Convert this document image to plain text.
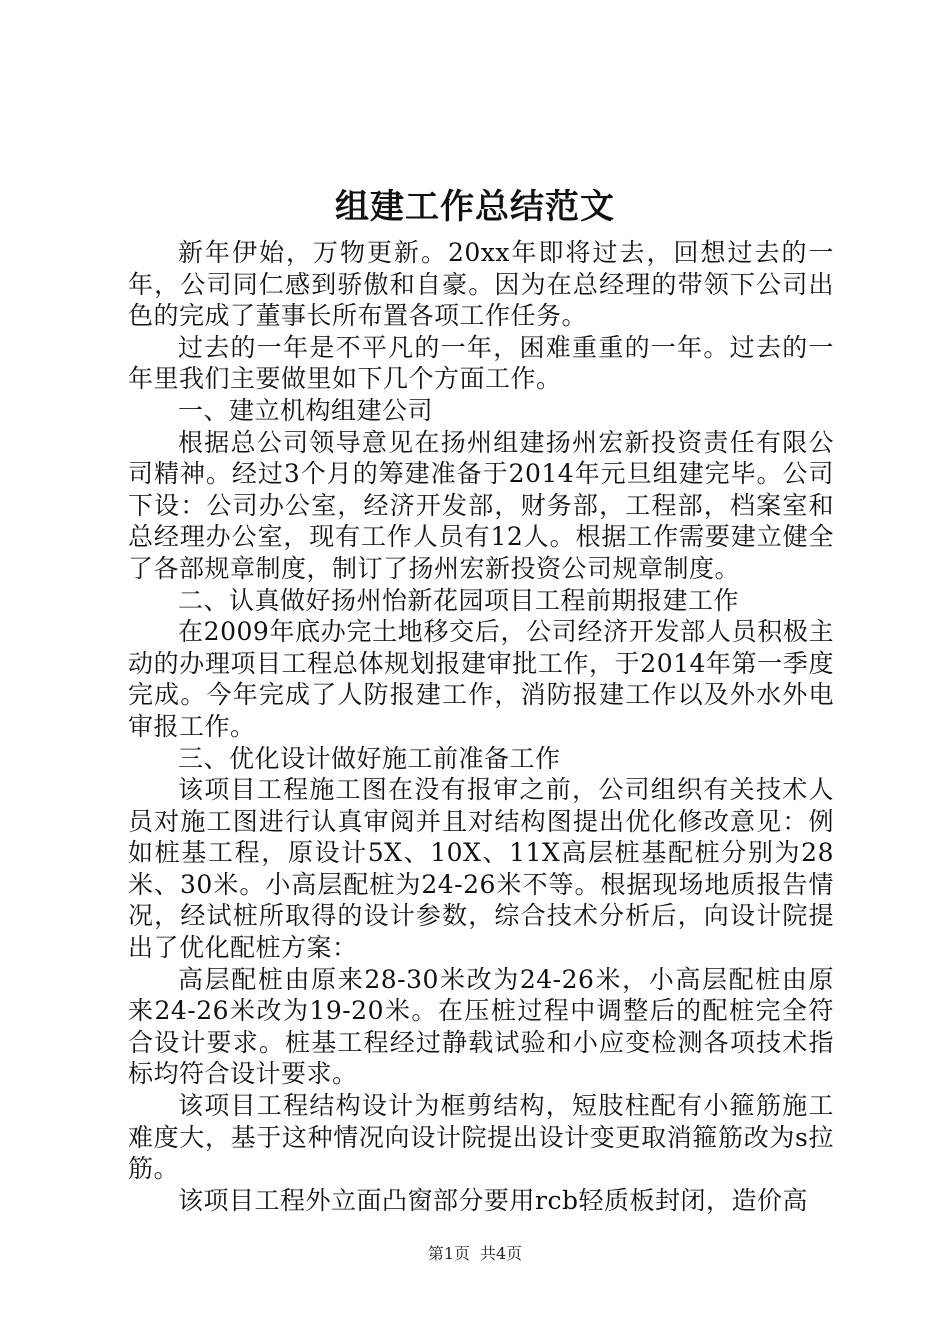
组建工作总结范文

新年伊始，万物更新。20xx年即将过去，回想过去的一年，公司同仁感到骄傲和自豪。因为在总经理的带领下公司出色的完成了董事长所布置各项工作任务。

过去的一年是不平凡的一年，困难重重的一年。过去的一年里我们主要做里如下几个方面工作。

一、建立机构组建公司

根据总公司领导意见在扬州组建扬州宏新投资责任有限公司精神。经过3个月的筹建准备于2014年元旦组建完毕。公司下设：公司办公室，经济开发部，财务部，工程部，档案室和总经理办公室，现有工作人员有12人。根据工作需要建立健全了各部规章制度，制订了扬州宏新投资公司规章制度。

二、认真做好扬州怡新花园项目工程前期报建工作

在2009年底办完土地移交后，公司经济开发部人员积极主动的办理项目工程总体规划报建审批工作，于2014年第一季度完成。今年完成了人防报建工作，消防报建工作以及外水外电审报工作。

三、优化设计做好施工前准备工作

该项目工程施工图在没有报审之前，公司组织有关技术人员对施工图进行认真审阅并且对结构图提出优化修改意见：例如桩基工程，原设计5X、10X、11X高层桩基配桩分别为28米、30米。小高层配桩为24-26米不等。根据现场地质报告情况，经试桩所取得的设计参数，综合技术分析后，向设计院提出了优化配桩方案：

高层配桩由原来28-30米改为24-26米，小高层配桩由原来24-26米改为19-20米。在压桩过程中调整后的配桩完全符合设计要求。桩基工程经过静载试验和小应变检测各项技术指标均符合设计要求。

该项目工程结构设计为框剪结构，短肢柱配有小箍筋施工难度大，基于这种情况向设计院提出设计变更取消箍筋改为s拉筋。

该项目工程外立面凸窗部分要用rcb轻质板封闭，造价高

第1页 共4页
